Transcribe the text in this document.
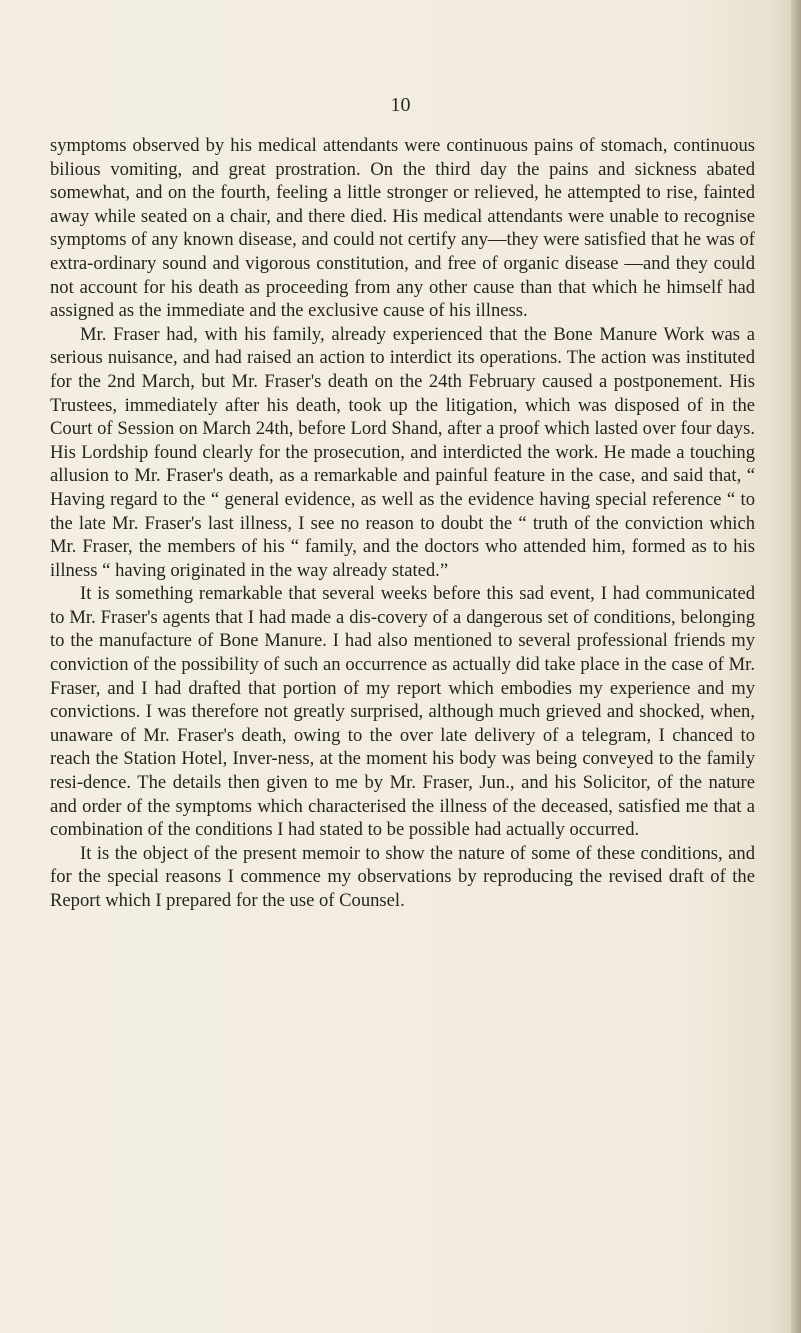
10

symptoms observed by his medical attendants were continuous pains of stomach, continuous bilious vomiting, and great prostration. On the third day the pains and sickness abated somewhat, and on the fourth, feeling a little stronger or relieved, he attempted to rise, fainted away while seated on a chair, and there died. His medical attendants were unable to recognise symptoms of any known disease, and could not certify any—they were satisfied that he was of extra-ordinary sound and vigorous constitution, and free of organic disease —and they could not account for his death as proceeding from any other cause than that which he himself had assigned as the immediate and the exclusive cause of his illness.

Mr. Fraser had, with his family, already experienced that the Bone Manure Work was a serious nuisance, and had raised an action to interdict its operations. The action was instituted for the 2nd March, but Mr. Fraser's death on the 24th February caused a postponement. His Trustees, immediately after his death, took up the litigation, which was disposed of in the Court of Session on March 24th, before Lord Shand, after a proof which lasted over four days. His Lordship found clearly for the prosecution, and interdicted the work. He made a touching allusion to Mr. Fraser's death, as a remarkable and painful feature in the case, and said that, “ Having regard to the “ general evidence, as well as the evidence having special reference “ to the late Mr. Fraser's last illness, I see no reason to doubt the “ truth of the conviction which Mr. Fraser, the members of his “ family, and the doctors who attended him, formed as to his illness “ having originated in the way already stated.”

It is something remarkable that several weeks before this sad event, I had communicated to Mr. Fraser's agents that I had made a dis-covery of a dangerous set of conditions, belonging to the manufacture of Bone Manure. I had also mentioned to several professional friends my conviction of the possibility of such an occurrence as actually did take place in the case of Mr. Fraser, and I had drafted that portion of my report which embodies my experience and my convictions. I was therefore not greatly surprised, although much grieved and shocked, when, unaware of Mr. Fraser's death, owing to the over late delivery of a telegram, I chanced to reach the Station Hotel, Inver-ness, at the moment his body was being conveyed to the family resi-dence. The details then given to me by Mr. Fraser, Jun., and his Solicitor, of the nature and order of the symptoms which characterised the illness of the deceased, satisfied me that a combination of the conditions I had stated to be possible had actually occurred.

It is the object of the present memoir to show the nature of some of these conditions, and for the special reasons I commence my observations by reproducing the revised draft of the Report which I prepared for the use of Counsel.
